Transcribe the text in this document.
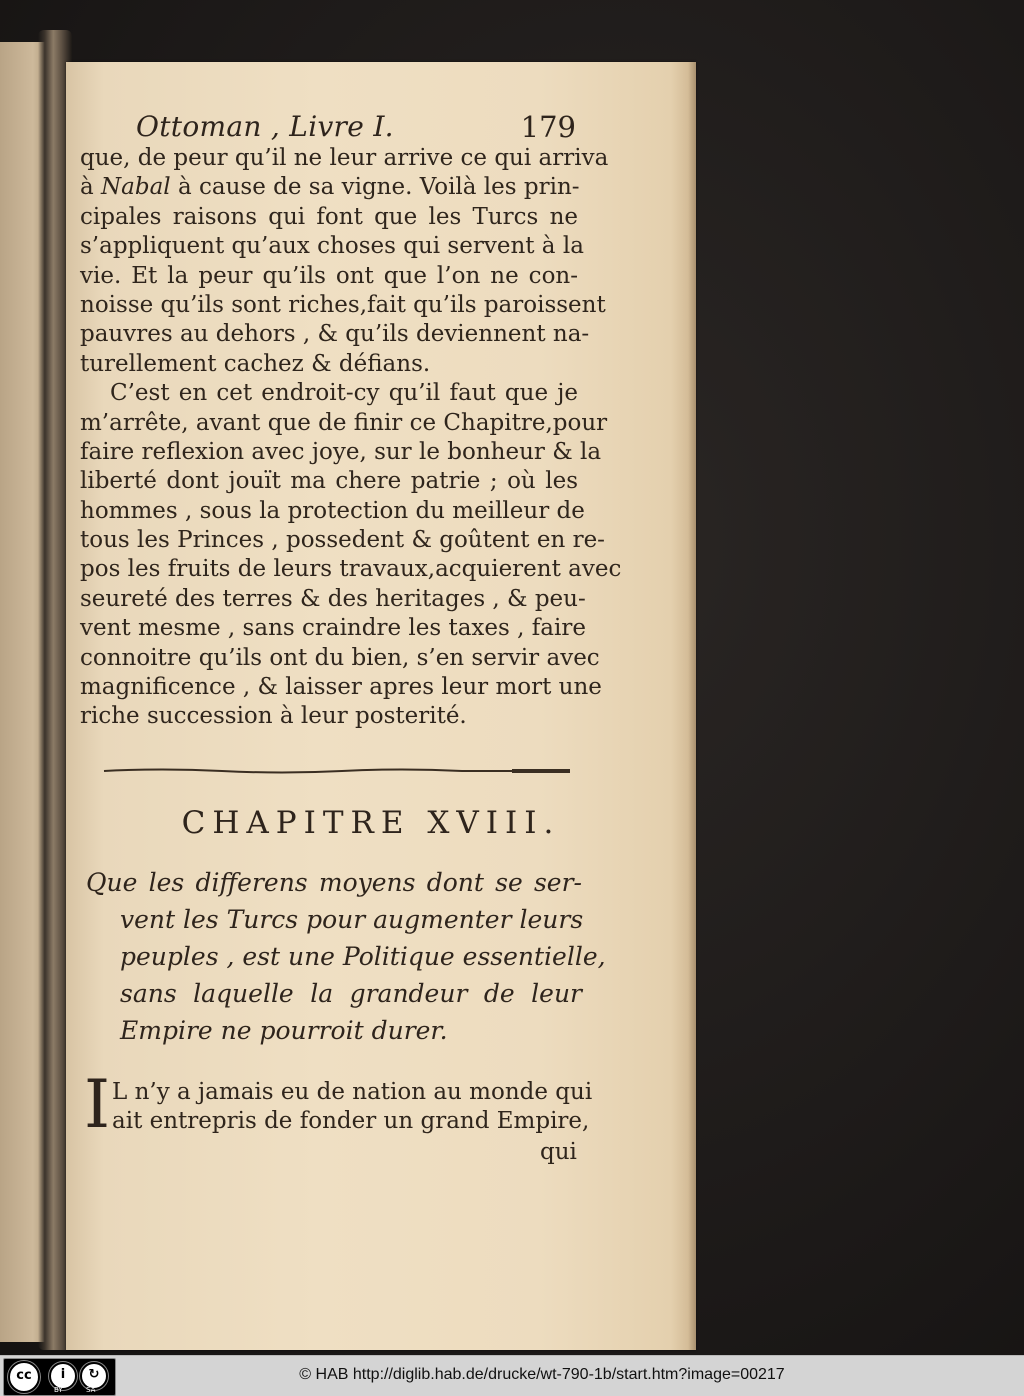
Ottoman , Livre I.	179
que, de peur qu’il ne leur arrive ce qui arriva
à Nabal à cause de sa vigne. Voilà les prin-
cipales raisons qui font que les Turcs ne
s’appliquent qu’aux choses qui servent à la
vie. Et la peur qu’ils ont que l’on ne con-
noisse qu’ils sont riches,fait qu’ils paroissent
pauvres au dehors , & qu’ils deviennent na-
turellement cachez & défians.
C’est en cet endroit-cy qu’il faut que je
m’arrête, avant que de finir ce Chapitre,pour
faire reflexion avec joye, sur le bonheur & la
liberté dont jouït ma chere patrie ; où les
hommes , sous la protection du meilleur de
tous les Princes , possedent & goûtent en re-
pos les fruits de leurs travaux,acquierent avec
seureté des terres & des heritages , & peu-
vent mesme , sans craindre les taxes , faire
connoitre qu’ils ont du bien, s’en servir avec
magnificence , & laisser apres leur mort une
riche succession à leur posterité.
CHAPITRE XVIII.
Que les differens moyens dont se ser-
vent les Turcs pour augmenter leurs
peuples , est une Politique essentielle,
sans laquelle la grandeur de leur
Empire ne pourroit durer.
I L n’y a jamais eu de nation au monde qui
ait entrepris de fonder un grand Empire,
qui
cc	i	↻
BY	SA
© HAB http://diglib.hab.de/drucke/wt-790-1b/start.htm?image=00217
